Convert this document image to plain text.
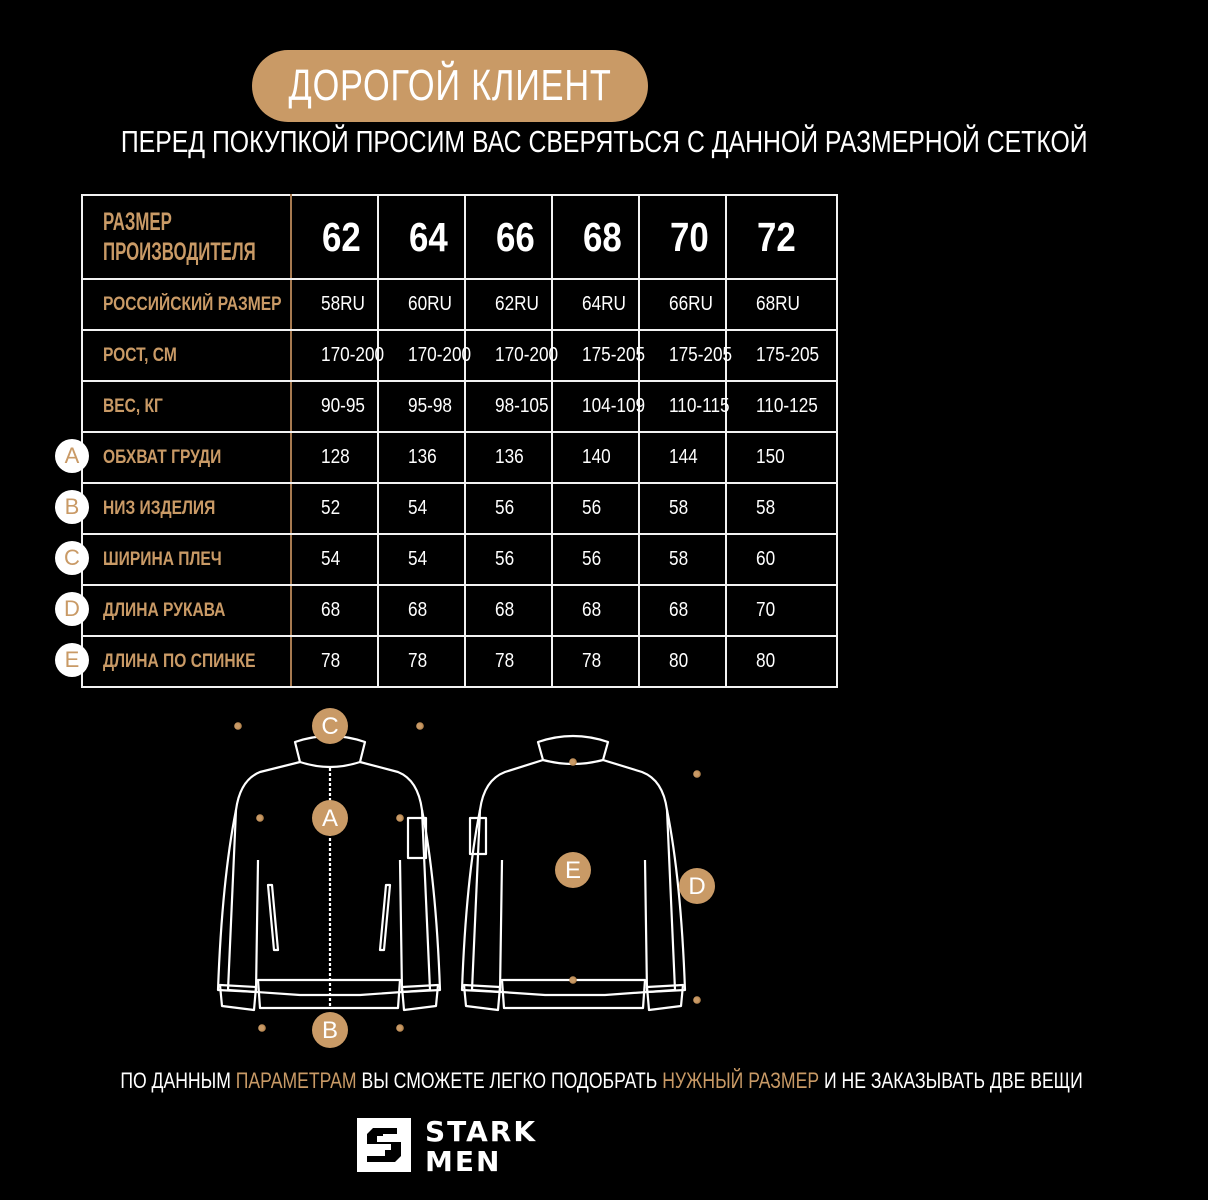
ДОРОГОЙ КЛИЕНТ
ПЕРЕД ПОКУПКОЙ ПРОСИМ ВАС СВЕРЯТЬСЯ С ДАННОЙ РАЗМЕРНОЙ СЕТКОЙ
РАЗМЕР
ПРОИЗВОДИТЕЛЯ	62	64	66	68	70	72
РОССИЙСКИЙ РАЗМЕР	58RU	60RU	62RU	64RU	66RU	68RU
РОСТ, СМ	170-200	170-200	170-200	175-205	175-205	175-205
ВЕС, КГ	90-95	95-98	98-105	104-109	110-115	110-125
ОБХВАТ ГРУДИ	128	136	136	140	144	150
НИЗ ИЗДЕЛИЯ	52	54	56	56	58	58
ШИРИНА ПЛЕЧ	54	54	56	56	58	60
ДЛИНА РУКАВА	68	68	68	68	68	70
ДЛИНА ПО СПИНКЕ	78	78	78	78	80	80
A
B
C
D
E
C
A
B
E
D
ПО ДАННЫМ ПАРАМЕТРАМ ВЫ СМОЖЕТЕ ЛЕГКО ПОДОБРАТЬ НУЖНЫЙ РАЗМЕР И НЕ ЗАКАЗЫВАТЬ ДВЕ ВЕЩИ
STARK
MEN
